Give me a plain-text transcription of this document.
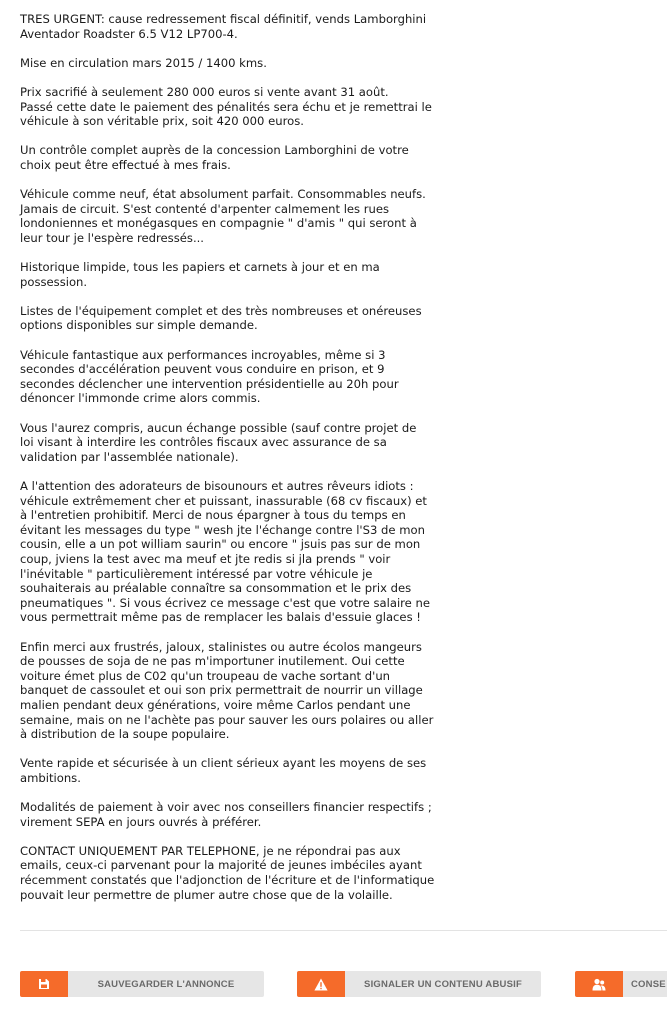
TRES URGENT: cause redressement fiscal définitif, vends Lamborghini
Aventador Roadster 6.5 V12 LP700-4.

Mise en circulation mars 2015 / 1400 kms.

Prix sacrifié à seulement 280 000 euros si vente avant 31 août.
Passé cette date le paiement des pénalités sera échu et je remettrai le
véhicule à son véritable prix, soit 420 000 euros.

Un contrôle complet auprès de la concession Lamborghini de votre
choix peut être effectué à mes frais.

Véhicule comme neuf, état absolument parfait. Consommables neufs.
Jamais de circuit. S'est contenté d'arpenter calmement les rues
londoniennes et monégasques en compagnie " d'amis " qui seront à
leur tour je l'espère redressés...

Historique limpide, tous les papiers et carnets à jour et en ma
possession.

Listes de l'équipement complet et des très nombreuses et onéreuses
options disponibles sur simple demande.

Véhicule fantastique aux performances incroyables, même si 3
secondes d'accélération peuvent vous conduire en prison, et 9
secondes déclencher une intervention présidentielle au 20h pour
dénoncer l'immonde crime alors commis.

Vous l'aurez compris, aucun échange possible (sauf contre projet de
loi visant à interdire les contrôles fiscaux avec assurance de sa
validation par l'assemblée nationale).

A l'attention des adorateurs de bisounours et autres rêveurs idiots :
véhicule extrêmement cher et puissant, inassurable (68 cv fiscaux) et
à l'entretien prohibitif. Merci de nous épargner à tous du temps en
évitant les messages du type " wesh jte l'échange contre l'S3 de mon
cousin, elle a un pot william saurin" ou encore " jsuis pas sur de mon
coup, jviens la test avec ma meuf et jte redis si jla prends " voir
l'inévitable " particulièrement intéressé par votre véhicule je
souhaiterais au préalable connaître sa consommation et le prix des
pneumatiques ". Si vous écrivez ce message c'est que votre salaire ne
vous permettrait même pas de remplacer les balais d'essuie glaces !

Enfin merci aux frustrés, jaloux, stalinistes ou autre écolos mangeurs
de pousses de soja de ne pas m'importuner inutilement. Oui cette
voiture émet plus de C02 qu'un troupeau de vache sortant d'un
banquet de cassoulet et oui son prix permettrait de nourrir un village
malien pendant deux générations, voire même Carlos pendant une
semaine, mais on ne l'achète pas pour sauver les ours polaires ou aller
à distribution de la soupe populaire.

Vente rapide et sécurisée à un client sérieux ayant les moyens de ses
ambitions.

Modalités de paiement à voir avec nos conseillers financier respectifs ;
virement SEPA en jours ouvrés à préférer.

CONTACT UNIQUEMENT PAR TELEPHONE, je ne répondrai pas aux
emails, ceux-ci parvenant pour la majorité de jeunes imbéciles ayant
récemment constatés que l'adjonction de l'écriture et de l'informatique
pouvait leur permettre de plumer autre chose que de la volaille.

SAUVEGARDER L'ANNONCE	SIGNALER UN CONTENU ABUSIF	CONSE
